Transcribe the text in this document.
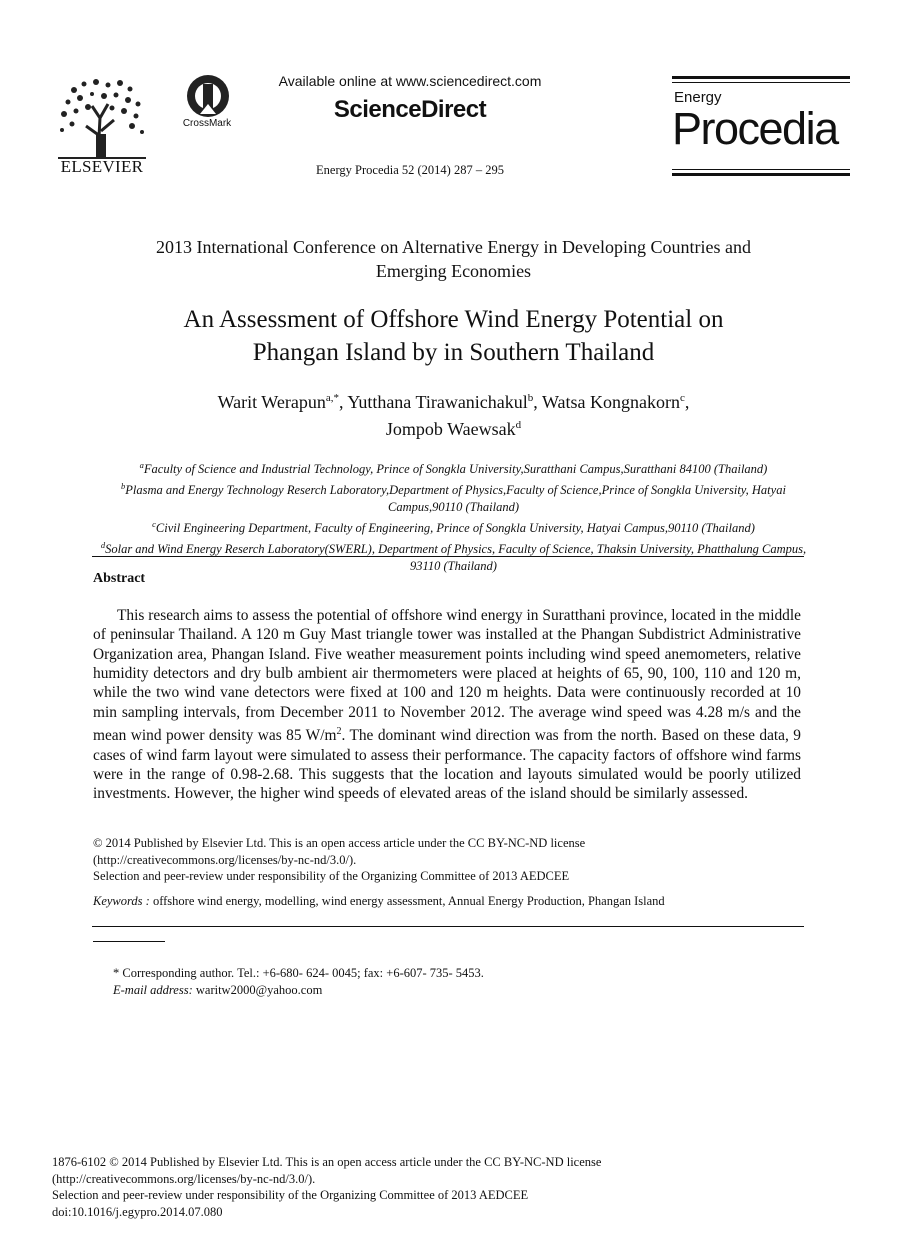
ELSEVIER
CrossMark
Available online at www.sciencedirect.com
ScienceDirect
Energy Procedia 52 (2014) 287 – 295
Energy
Procedia
2013 International Conference on Alternative Energy in Developing Countries and
Emerging Economies
An Assessment of Offshore Wind Energy Potential on
Phangan Island by in Southern Thailand
Warit Werapun$^{a,*}$, Yutthana Tirawanichakul$^b$, Watsa Kongnakorn$^c$,
Jompob Waewsak$^d$
$^a$Faculty of Science and Industrial Technology, Prince of Songkla University,Suratthani Campus,Suratthani 84100 (Thailand)
$^b$Plasma and Energy Technology Reserch Laboratory,Department of Physics,Faculty of Science,Prince of Songkla University, Hatyai Campus,90110 (Thailand)
$^c$Civil Engineering Department, Faculty of Engineering, Prince of Songkla University, Hatyai Campus,90110 (Thailand)
$^d$Solar and Wind Energy Reserch Laboratory(SWERL), Department of Physics, Faculty of Science, Thaksin University, Phatthalung Campus, 93110 (Thailand)
Abstract
This research aims to assess the potential of offshore wind energy in Suratthani province, located in the middle of peninsular Thailand. A 120 m Guy Mast triangle tower was installed at the Phangan Subdistrict Administrative Organization area, Phangan Island. Five weather measurement points including wind speed anemometers, relative humidity detectors and dry bulb ambient air thermometers were placed at heights of 65, 90, 100, 110 and 120 m, while the two wind vane detectors were fixed at 100 and 120 m heights. Data were continuously recorded at 10 min sampling intervals, from December 2011 to November 2012. The average wind speed was 4.28 m/s and the mean wind power density was 85 $W/m^2$. The dominant wind direction was from the north. Based on these data, 9 cases of wind farm layout were simulated to assess their performance. The capacity factors of offshore wind farms were in the range of 0.98-2.68. This suggests that the location and layouts simulated would be poorly utilized investments. However, the higher wind speeds of elevated areas of the island should be similarly assessed.
© 2014 Published by Elsevier Ltd. This is an open access article under the CC BY-NC-ND license
(http://creativecommons.org/licenses/by-nc-nd/3.0/).
Selection and peer-review under responsibility of the Organizing Committee of 2013 AEDCEE
Keywords : offshore wind energy, modelling, wind energy assessment, Annual Energy Production, Phangan Island
* Corresponding author. Tel.: +6-680- 624- 0045; fax: +6-607- 735- 5453.
E-mail address: waritw2000@yahoo.com
1876-6102 © 2014 Published by Elsevier Ltd. This is an open access article under the CC BY-NC-ND license
(http://creativecommons.org/licenses/by-nc-nd/3.0/).
Selection and peer-review under responsibility of the Organizing Committee of 2013 AEDCEE
doi:10.1016/j.egypro.2014.07.080
